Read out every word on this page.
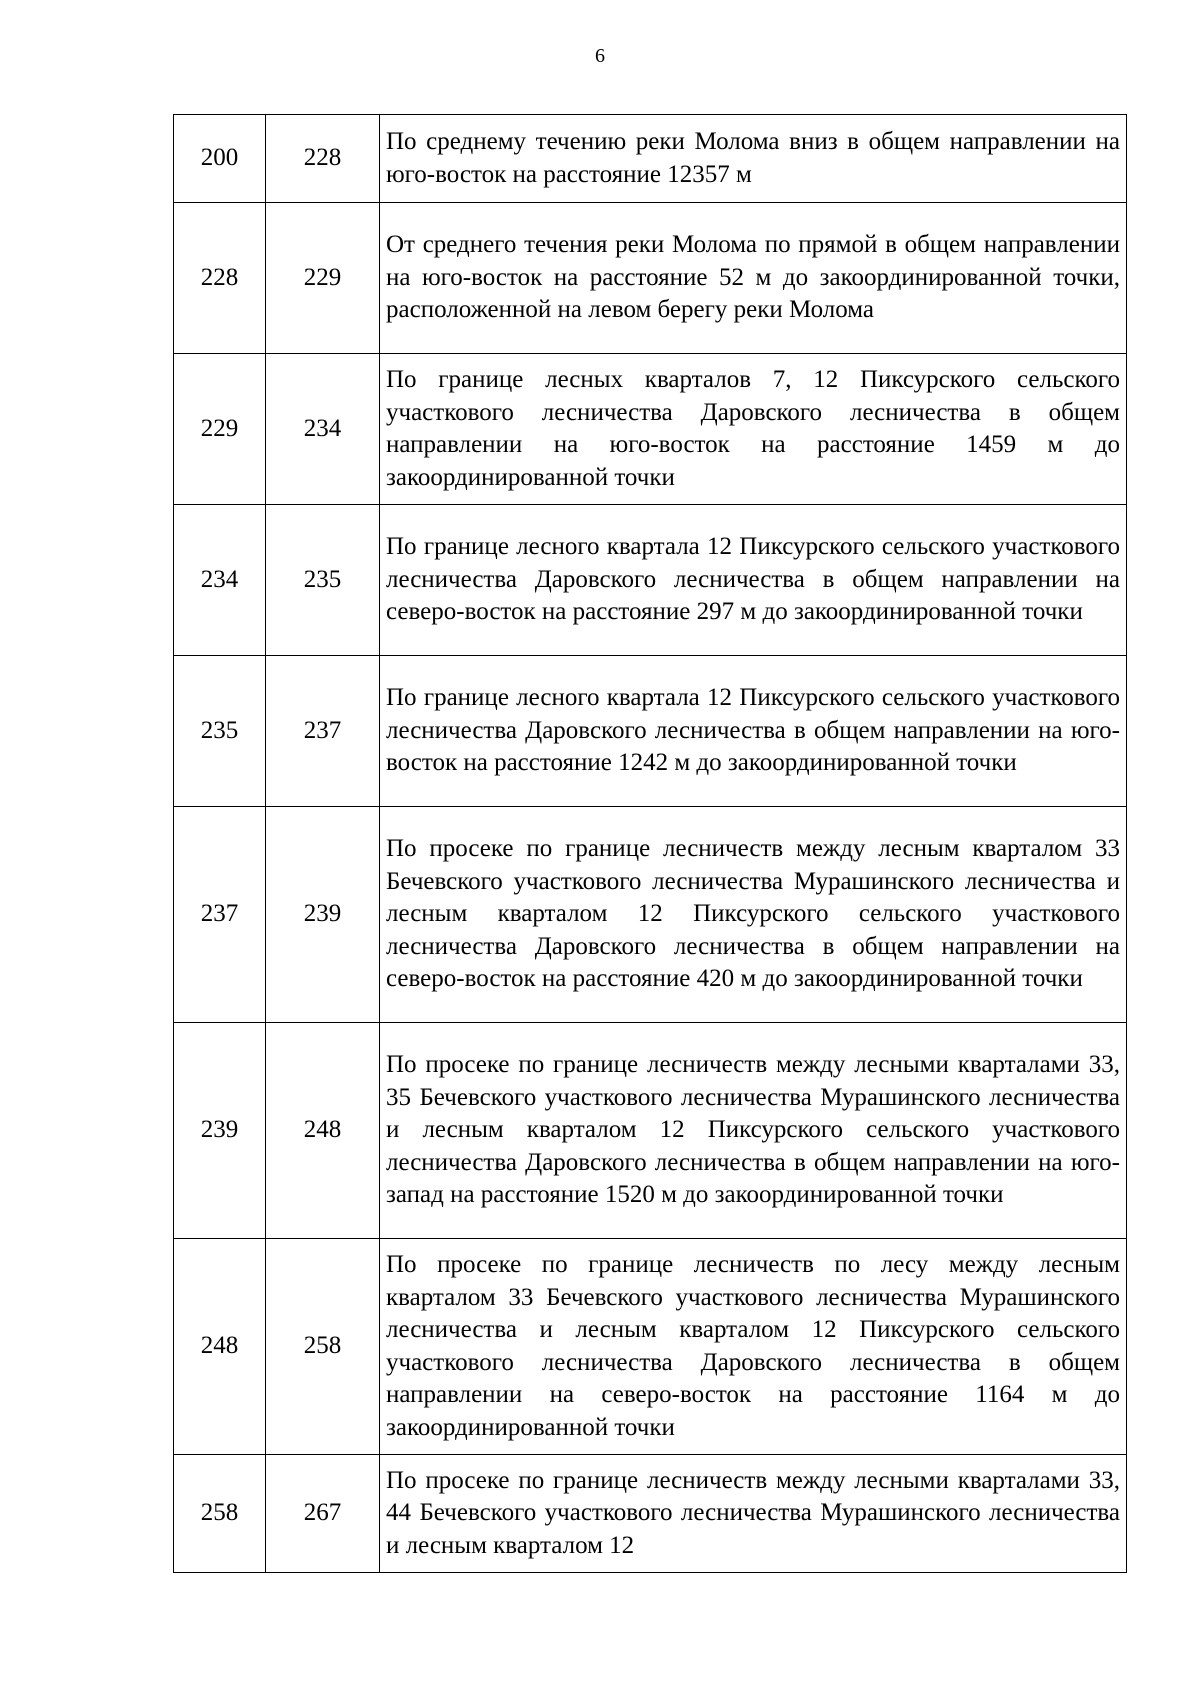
6
200	228	По среднему течению реки Молома вниз в общем направлении на юго-восток на расстояние 12357 м
228	229	От среднего течения реки Молома по прямой в общем направлении на юго-восток на расстояние 52 м до закоординированной точки, расположенной на левом берегу реки Молома
229	234	По границе лесных кварталов 7, 12 Пиксурского сельского участкового лесничества Даровского лесничества в общем направлении на юго-восток на расстояние 1459 м до закоординированной точки
234	235	По границе лесного квартала 12 Пиксурского сельского участкового лесничества Даровского лесничества в общем направлении на северо-восток на расстояние 297 м до закоординированной точки
235	237	По границе лесного квартала 12 Пиксурского сельского участкового лесничества Даровского лесничества в общем направлении на юго-восток на расстояние 1242 м до закоординированной точки
237	239	По просеке по границе лесничеств между лесным кварталом 33 Бечевского участкового лесничества Мурашинского лесничества и лесным кварталом 12 Пиксурского сельского участкового лесничества Даровского лесничества в общем направлении на северо-восток на расстояние 420 м до закоординированной точки
239	248	По просеке по границе лесничеств между лесными кварталами 33, 35 Бечевского участкового лесничества Мурашинского лесничества и лесным кварталом 12 Пиксурского сельского участкового лесничества Даровского лесничества в общем направлении на юго-запад на расстояние 1520 м до закоординированной точки
248	258	По просеке по границе лесничеств по лесу между лесным кварталом 33 Бечевского участкового лесничества Мурашинского лесничества и лесным кварталом 12 Пиксурского сельского участкового лесничества Даровского лесничества в общем направлении на северо-восток на расстояние 1164 м до закоординированной точки
258	267	По просеке по границе лесничеств между лесными кварталами 33, 44 Бечевского участкового лесничества Мурашинского лесничества и лесным кварталом 12
